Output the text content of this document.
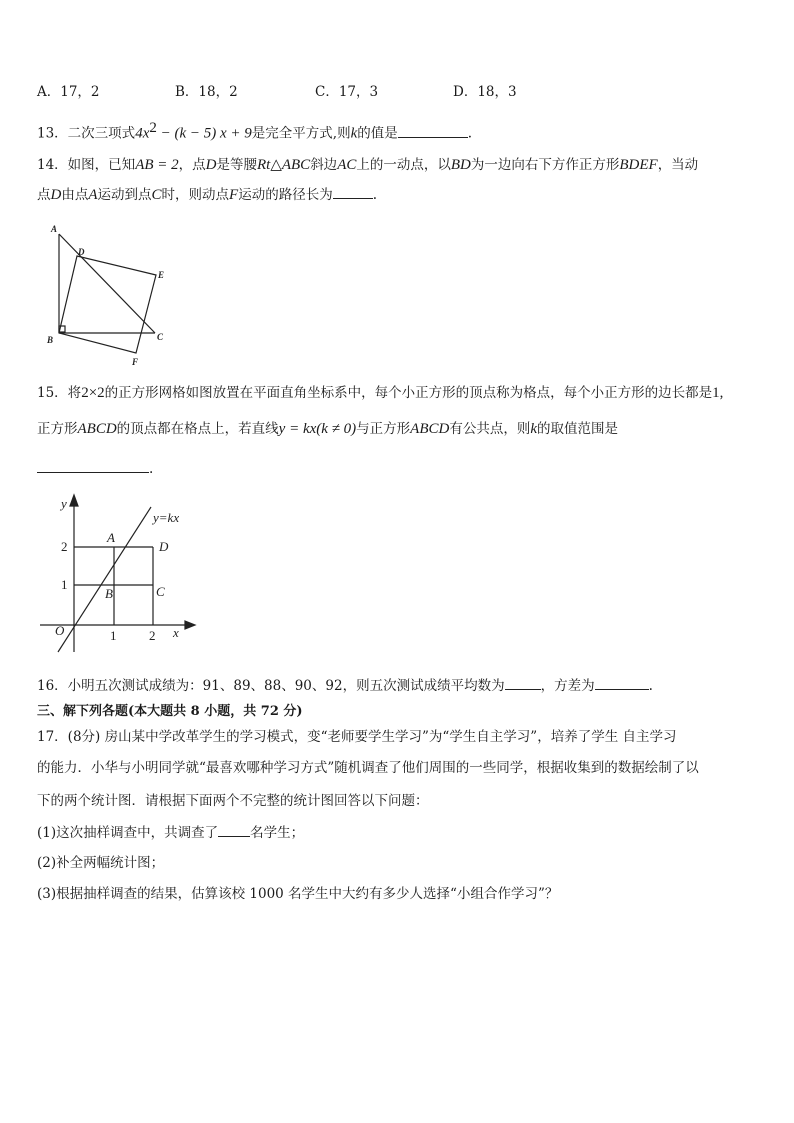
A．17，2	B．18，2	C．17，3	D．18，3
13．二次三项式$4x^2 - (k - 5) x + 9$是完全平方式,则k的值是	.
14．如图，已知AB = 2，点D是等腰Rt△ABC斜边AC上的一动点，以BD为一边向右下方作正方形BDEF，当动
点D由点A运动到点C时，则动点F运动的路径长为	.
A
D
E
B	C
F
15．将2×2的正方形网格如图放置在平面直角坐标系中，每个小正方形的顶点称为格点，每个小正方形的边长都是1,
正方形ABCD的顶点都在格点上，若直线y = kx(k ≠ 0)与正方形ABCD有公共点，则k的取值范围是
.
y
y=kx
A
D
B	C
O	x
2
1
1	2
16．小明五次测试成绩为：91、89、88、90、92，则五次测试成绩平均数为	，方差为	.
三、解下列各题(本大题共 8 小题，共 72 分)
17．(8分) 房山某中学改革学生的学习模式，变“老师要学生学习”为“学生自主学习”，培养了学生 自主学习
的能力．小华与小明同学就“最喜欢哪种学习方式”随机调查了他们周围的一些同学，根据收集到的数据绘制了以
下的两个统计图．请根据下面两个不完整的统计图回答以下问题：
(1)这次抽样调查中，共调查了 名学生；
(2)补全两幅统计图；
(3)根据抽样调查的结果，估算该校 1000 名学生中大约有多少人选择“小组合作学习”？
